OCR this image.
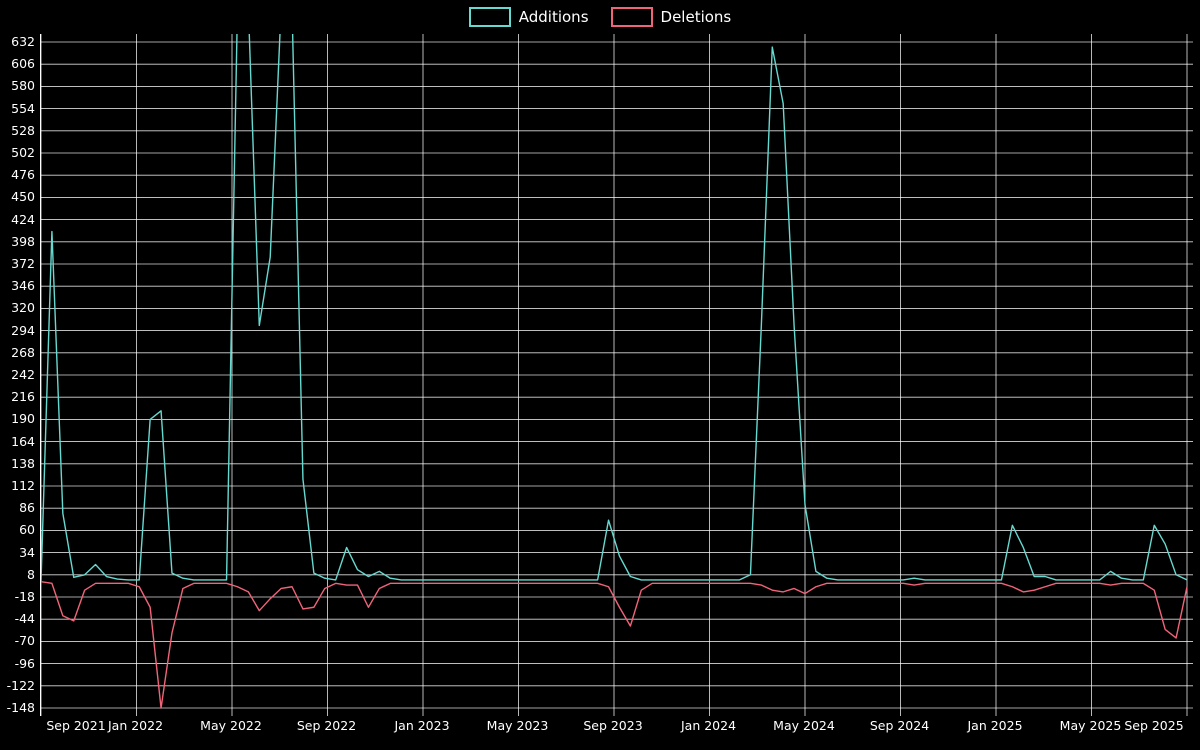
Additions	Deletions
632
606
580
554
528
502
476
450
424
398
372
346
320
294
268
242
216
190
164
138
112
86
60
34
8
-18
-44
-70
-96
-122
-148
Sep 2021 Jan 2022	May 2022	Sep 2022	Jan 2023	May 2023	Sep 2023	Jan 2024	May 2024	Sep 2024	Jan 2025	May 2025 Sep 2025
